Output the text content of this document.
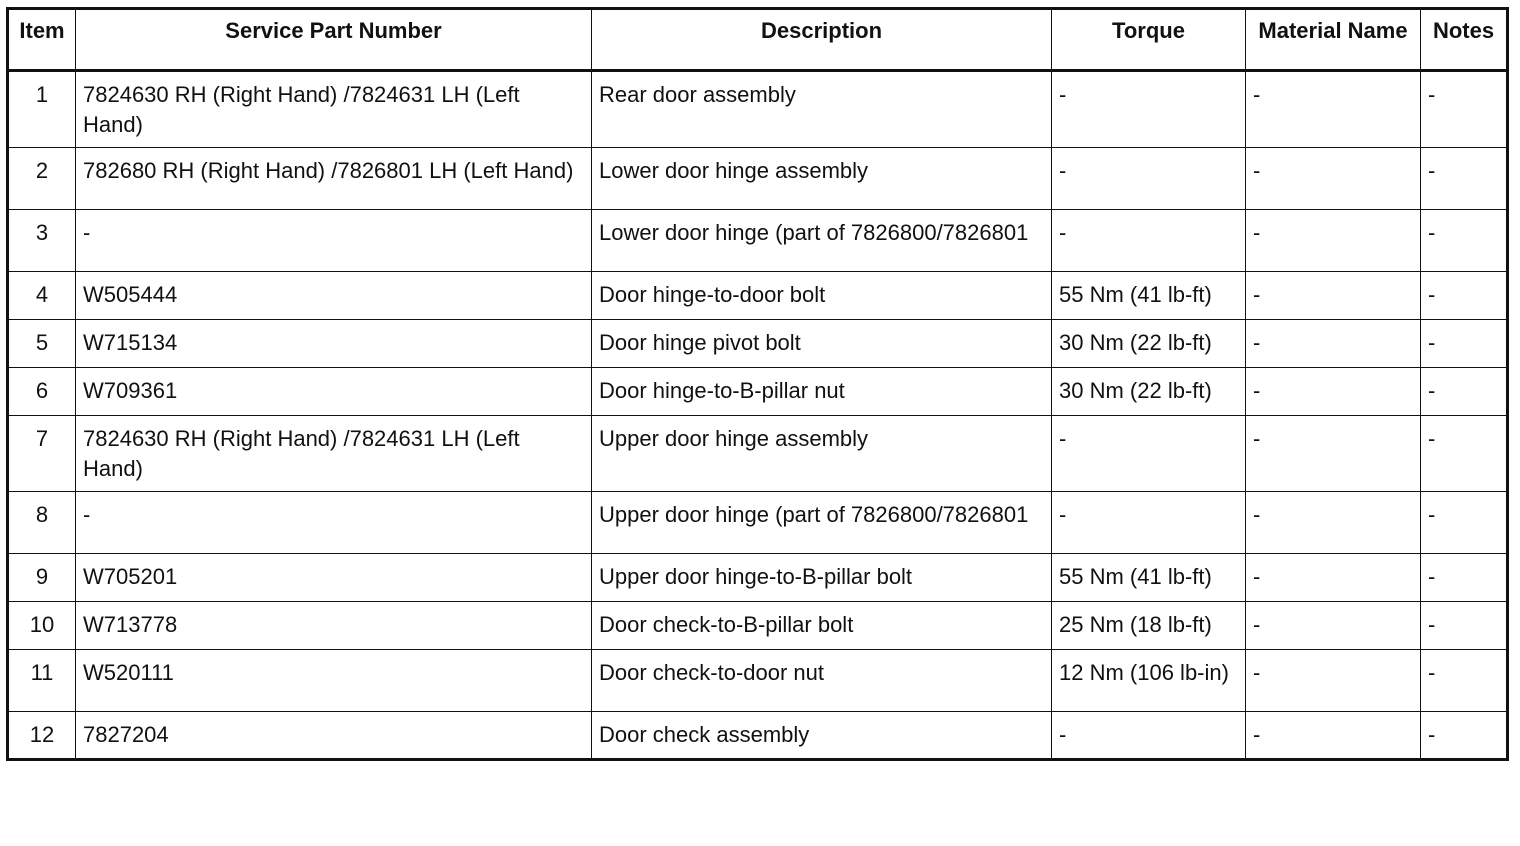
Item	Service Part Number	Description	Torque	Material Name	Notes
1	7824630 RH (Right Hand) /7824631 LH (Left Hand)	Rear door assembly	-	-	-
2	782680 RH (Right Hand) /7826801 LH (Left Hand)	Lower door hinge assembly	-	-	-
3	-	Lower door hinge (part of 7826800/7826801	-	-	-
4	W505444	Door hinge-to-door bolt	55 Nm (41 lb-ft)	-	-
5	W715134	Door hinge pivot bolt	30 Nm (22 lb-ft)	-	-
6	W709361	Door hinge-to-B-pillar nut	30 Nm (22 lb-ft)	-	-
7	7824630 RH (Right Hand) /7824631 LH (Left Hand)	Upper door hinge assembly	-	-	-
8	-	Upper door hinge (part of 7826800/7826801	-	-	-
9	W705201	Upper door hinge-to-B-pillar bolt	55 Nm (41 lb-ft)	-	-
10	W713778	Door check-to-B-pillar bolt	25 Nm (18 lb-ft)	-	-
11	W520111	Door check-to-door nut	12 Nm (106 lb-in)	-	-
12	7827204	Door check assembly	-	-	-
